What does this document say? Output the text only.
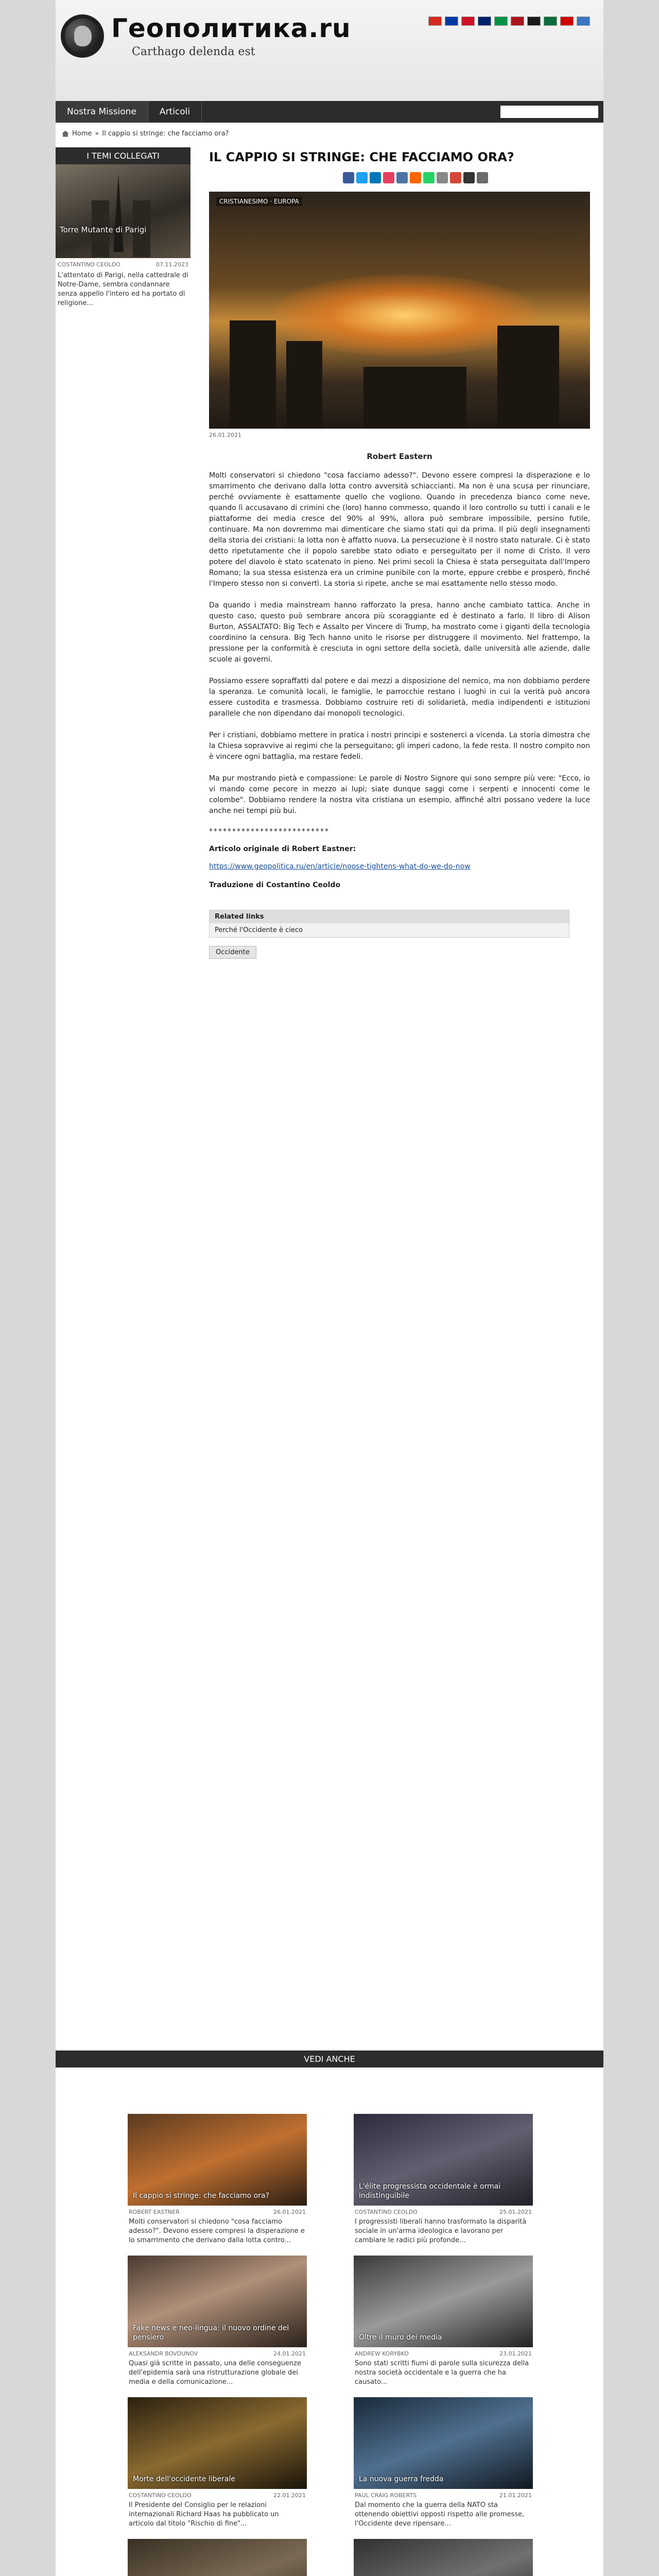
Геополитика.ru
Carthago delenda est
Nostra Missione	Articoli
Home » Il cappio si stringe: che facciamo ora?
I TEMI COLLEGATI
Torre Mutante di Parigi
COSTANTINO CEOLDO	07.11.2023
L'attentato di Parigi, nella cattedrale di Notre-Dame, sembra condannare senza appello l'intero ed ha portato di religione...
IL CAPPIO SI STRINGE: CHE FACCIAMO ORA?
CRISTIANESIMO · EUROPA
26.01.2021
Robert Eastern

Molti conservatori si chiedono "cosa facciamo adesso?". Devono essere compresi la disperazione e lo smarrimento che derivano dalla lotta contro avversità schiaccianti. Ma non è una scusa per rinunciare, perché ovviamente è esattamente quello che vogliono. Quando in precedenza bianco come neve, quando lì accusavano di crimini che (loro) hanno commesso, quando il loro controllo su tutti i canali e le piattaforme dei media cresce del 90% al 99%, allora può sembrare impossibile, persino futile, continuare. Ma non dovremmo mai dimenticare che siamo stati qui da prima. Il più degli insegnamenti della storia dei cristiani: la lotta non è affatto nuova. La persecuzione è il nostro stato naturale. Ci è stato detto ripetutamente che il popolo sarebbe stato odiato e perseguitato per il nome di Cristo. Il vero potere del diavolo è stato scatenato in pieno. Nei primi secoli la Chiesa è stata perseguitata dall'Impero Romano; la sua stessa esistenza era un crimine punibile con la morte, eppure crebbe e prosperò, finché l'Impero stesso non si convertì. La storia si ripete, anche se mai esattamente nello stesso modo.

Da quando i media mainstream hanno rafforzato la presa, hanno anche cambiato tattica. Anche in questo caso, questo può sembrare ancora più scoraggiante ed è destinato a farlo. Il libro di Alison Burton, ASSALTATO: Big Tech e Assalto per Vincere di Trump, ha mostrato come i giganti della tecnologia coordinino la censura. Big Tech hanno unito le risorse per distruggere il movimento. Nel frattempo, la pressione per la conformità è cresciuta in ogni settore della società, dalle università alle aziende, dalle scuole ai governi.

Possiamo essere sopraffatti dal potere e dai mezzi a disposizione del nemico, ma non dobbiamo perdere la speranza. Le comunità locali, le famiglie, le parrocchie restano i luoghi in cui la verità può ancora essere custodita e trasmessa. Dobbiamo costruire reti di solidarietà, media indipendenti e istituzioni parallele che non dipendano dai monopoli tecnologici.

Per i cristiani, dobbiamo mettere in pratica i nostri principi e sostenerci a vicenda. La storia dimostra che la Chiesa sopravvive ai regimi che la perseguitano; gli imperi cadono, la fede resta. Il nostro compito non è vincere ogni battaglia, ma restare fedeli.

Ma pur mostrando pietà e compassione: Le parole di Nostro Signore qui sono sempre più vere: "Ecco, io vi mando come pecore in mezzo ai lupi; siate dunque saggi come i serpenti e innocenti come le colombe". Dobbiamo rendere la nostra vita cristiana un esempio, affinché altri possano vedere la luce anche nei tempi più bui.

**************************
Articolo originale di Robert Eastner:
https://www.geopolitica.ru/en/article/noose-tightens-what-do-we-do-now
Traduzione di Costantino Ceoldo
Related links
Perché l'Occidente è cieco
Occidente
VEDI ANCHE
Il cappio si stringe: che facciamo ora?
ROBERT EASTNER	26.01.2021
Molti conservatori si chiedono "cosa facciamo adesso?". Devono essere compresi la disperazione e lo smarrimento che derivano dalla lotta contro...
L'élite progressista occidentale è ormai indistinguibile
COSTANTINO CEOLDO	25.01.2021
I progressisti liberali hanno trasformato la disparità sociale in un'arma ideologica e lavorano per cambiare le radici più profonde...
Fake news e neo-lingua: il nuovo ordine del pensiero
ALEKSANDR BOVDUNOV	24.01.2021
Quasi già scritte in passato, una delle conseguenze dell'epidemia sarà una ristrutturazione globale dei media e della comunicazione...
Oltre il muro dei media
ANDREW KORYBKO	23.01.2021
Sono stati scritti fiumi di parole sulla sicurezza della nostra società occidentale e la guerra che ha causato...
Morte dell'occidente liberale
COSTANTINO CEOLDO	22.01.2021
Il Presidente del Consiglio per le relazioni internazionali Richard Haas ha pubblicato un articolo dal titolo "Rischio di fine"...
La nuova guerra fredda
PAUL CRAIG ROBERTS	21.01.2021
Dal momento che la guerra della NATO sta ottenendo obiettivi opposti rispetto alle promesse, l'Occidente deve ripensare...
